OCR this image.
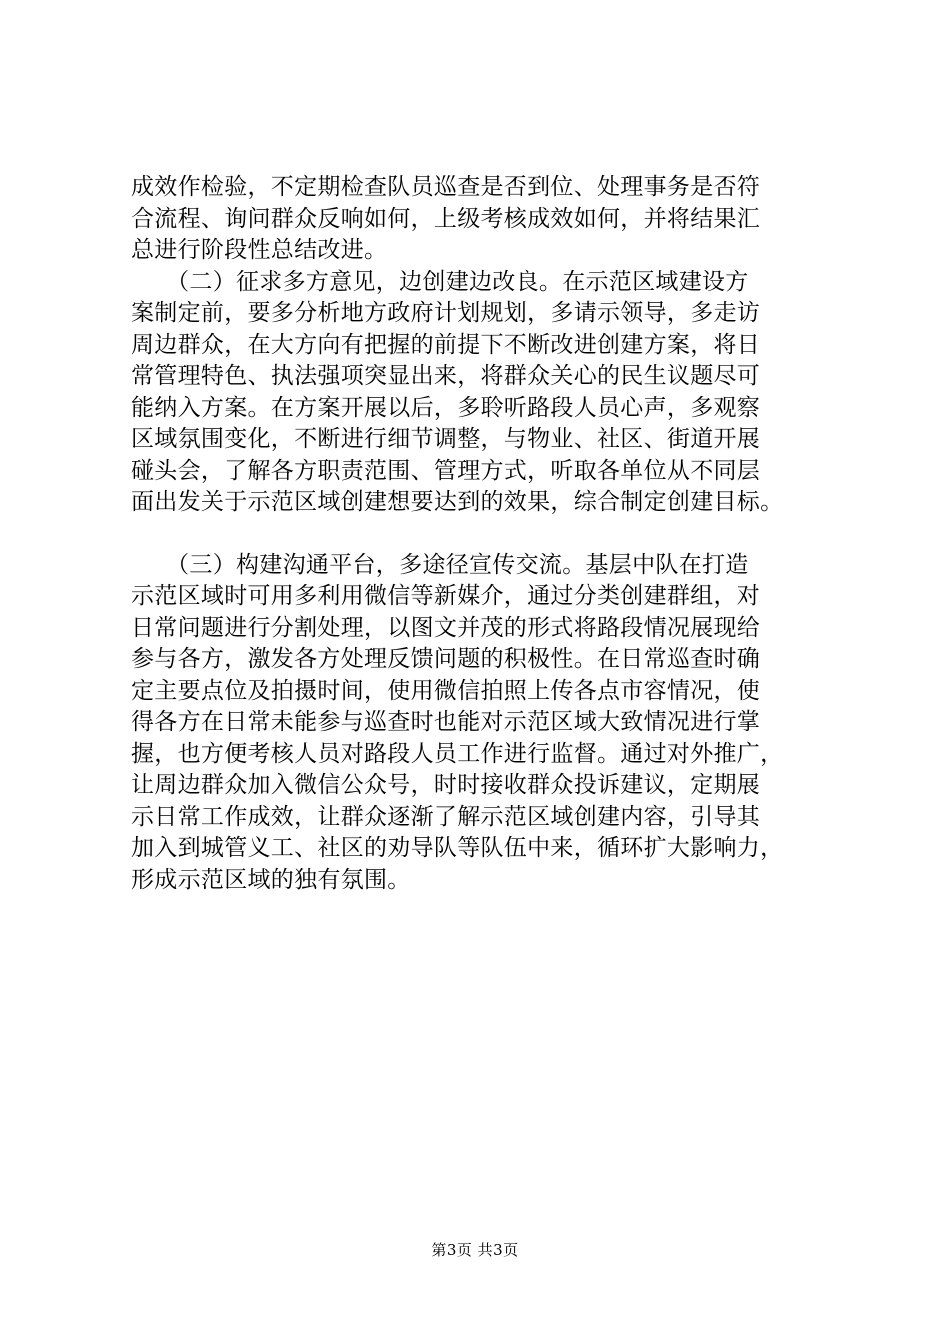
成效作检验，不定期检查队员巡查是否到位、处理事务是否符
合流程、询问群众反响如何，上级考核成效如何，并将结果汇
总进行阶段性总结改进。

　　（二）征求多方意见，边创建边改良。在示范区域建设方
案制定前，要多分析地方政府计划规划，多请示领导，多走访
周边群众，在大方向有把握的前提下不断改进创建方案，将日
常管理特色、执法强项突显出来，将群众关心的民生议题尽可
能纳入方案。在方案开展以后，多聆听路段人员心声，多观察
区域氛围变化，不断进行细节调整，与物业、社区、街道开展
碰头会，了解各方职责范围、管理方式，听取各单位从不同层
面出发关于示范区域创建想要达到的效果，综合制定创建目标。

　　（三）构建沟通平台，多途径宣传交流。基层中队在打造
示范区域时可用多利用微信等新媒介，通过分类创建群组，对
日常问题进行分割处理，以图文并茂的形式将路段情况展现给
参与各方，激发各方处理反馈问题的积极性。在日常巡查时确
定主要点位及拍摄时间，使用微信拍照上传各点市容情况，使
得各方在日常未能参与巡查时也能对示范区域大致情况进行掌
握，也方便考核人员对路段人员工作进行监督。通过对外推广，
让周边群众加入微信公众号，时时接收群众投诉建议，定期展
示日常工作成效，让群众逐渐了解示范区域创建内容，引导其
加入到城管义工、社区的劝导队等队伍中来，循环扩大影响力，
形成示范区域的独有氛围。

第3页 共3页
